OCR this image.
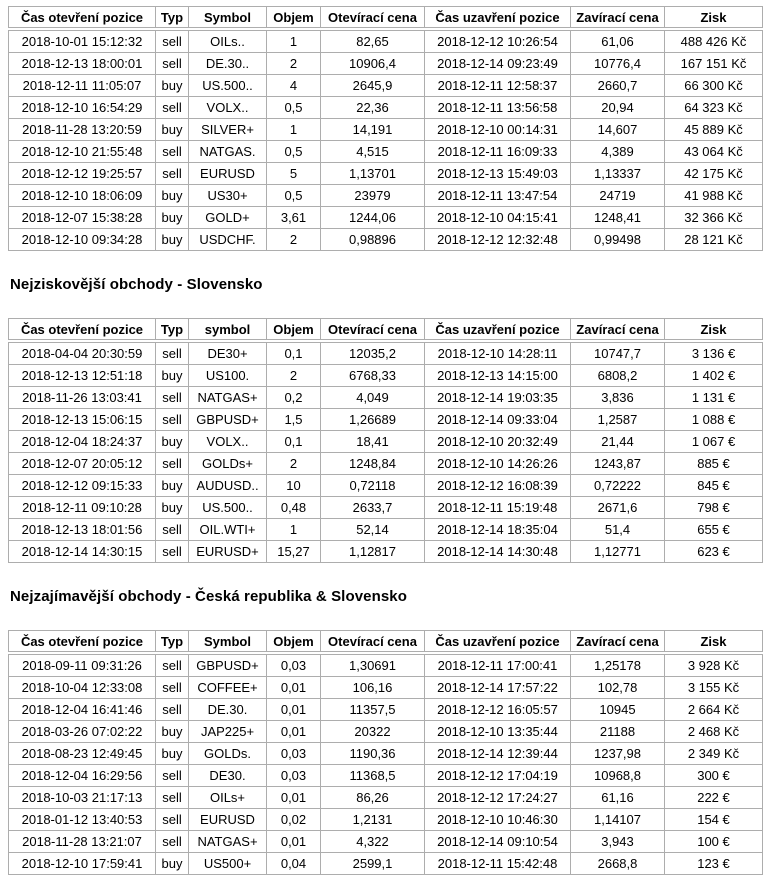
Čas otevření pozice	Typ	Symbol	Objem	Otevírací cena	Čas uzavření pozice	Zavírací cena	Zisk
2018-10-01 15:12:32	sell	OILs..	1	82,65	2018-12-12 10:26:54	61,06	488 426 Kč
2018-12-13 18:00:01	sell	DE.30..	2	10906,4	2018-12-14 09:23:49	10776,4	167 151 Kč
2018-12-11 11:05:07	buy	US.500..	4	2645,9	2018-12-11 12:58:37	2660,7	66 300 Kč
2018-12-10 16:54:29	sell	VOLX..	0,5	22,36	2018-12-11 13:56:58	20,94	64 323 Kč
2018-11-28 13:20:59	buy	SILVER+	1	14,191	2018-12-10 00:14:31	14,607	45 889 Kč
2018-12-10 21:55:48	sell	NATGAS.	0,5	4,515	2018-12-11 16:09:33	4,389	43 064 Kč
2018-12-12 19:25:57	sell	EURUSD	5	1,13701	2018-12-13 15:49:03	1,13337	42 175 Kč
2018-12-10 18:06:09	buy	US30+	0,5	23979	2018-12-11 13:47:54	24719	41 988 Kč
2018-12-07 15:38:28	buy	GOLD+	3,61	1244,06	2018-12-10 04:15:41	1248,41	32 366 Kč
2018-12-10 09:34:28	buy	USDCHF.	2	0,98896	2018-12-12 12:32:48	0,99498	28 121 Kč
Nejziskovější obchody - Slovensko
Čas otevření pozice	Typ	symbol	Objem	Otevírací cena	Čas uzavření pozice	Zavírací cena	Zisk
2018-04-04 20:30:59	sell	DE30+	0,1	12035,2	2018-12-10 14:28:11	10747,7	3 136 €
2018-12-13 12:51:18	buy	US100.	2	6768,33	2018-12-13 14:15:00	6808,2	1 402 €
2018-11-26 13:03:41	sell	NATGAS+	0,2	4,049	2018-12-14 19:03:35	3,836	1 131 €
2018-12-13 15:06:15	sell	GBPUSD+	1,5	1,26689	2018-12-14 09:33:04	1,2587	1 088 €
2018-12-04 18:24:37	buy	VOLX..	0,1	18,41	2018-12-10 20:32:49	21,44	1 067 €
2018-12-07 20:05:12	sell	GOLDs+	2	1248,84	2018-12-10 14:26:26	1243,87	885 €
2018-12-12 09:15:33	buy	AUDUSD..	10	0,72118	2018-12-12 16:08:39	0,72222	845 €
2018-12-11 09:10:28	buy	US.500..	0,48	2633,7	2018-12-11 15:19:48	2671,6	798 €
2018-12-13 18:01:56	sell	OIL.WTI+	1	52,14	2018-12-14 18:35:04	51,4	655 €
2018-12-14 14:30:15	sell	EURUSD+	15,27	1,12817	2018-12-14 14:30:48	1,12771	623 €
Nejzajímavější obchody - Česká republika & Slovensko
Čas otevření pozice	Typ	Symbol	Objem	Otevírací cena	Čas uzavření pozice	Zavírací cena	Zisk
2018-09-11 09:31:26	sell	GBPUSD+	0,03	1,30691	2018-12-11 17:00:41	1,25178	3 928 Kč
2018-10-04 12:33:08	sell	COFFEE+	0,01	106,16	2018-12-14 17:57:22	102,78	3 155 Kč
2018-12-04 16:41:46	sell	DE.30.	0,01	11357,5	2018-12-12 16:05:57	10945	2 664 Kč
2018-03-26 07:02:22	buy	JAP225+	0,01	20322	2018-12-10 13:35:44	21188	2 468 Kč
2018-08-23 12:49:45	buy	GOLDs.	0,03	1190,36	2018-12-14 12:39:44	1237,98	2 349 Kč
2018-12-04 16:29:56	sell	DE30.	0,03	11368,5	2018-12-12 17:04:19	10968,8	300 €
2018-10-03 21:17:13	sell	OILs+	0,01	86,26	2018-12-12 17:24:27	61,16	222 €
2018-01-12 13:40:53	sell	EURUSD	0,02	1,2131	2018-12-10 10:46:30	1,14107	154 €
2018-11-28 13:21:07	sell	NATGAS+	0,01	4,322	2018-12-14 09:10:54	3,943	100 €
2018-12-10 17:59:41	buy	US500+	0,04	2599,1	2018-12-11 15:42:48	2668,8	123 €
